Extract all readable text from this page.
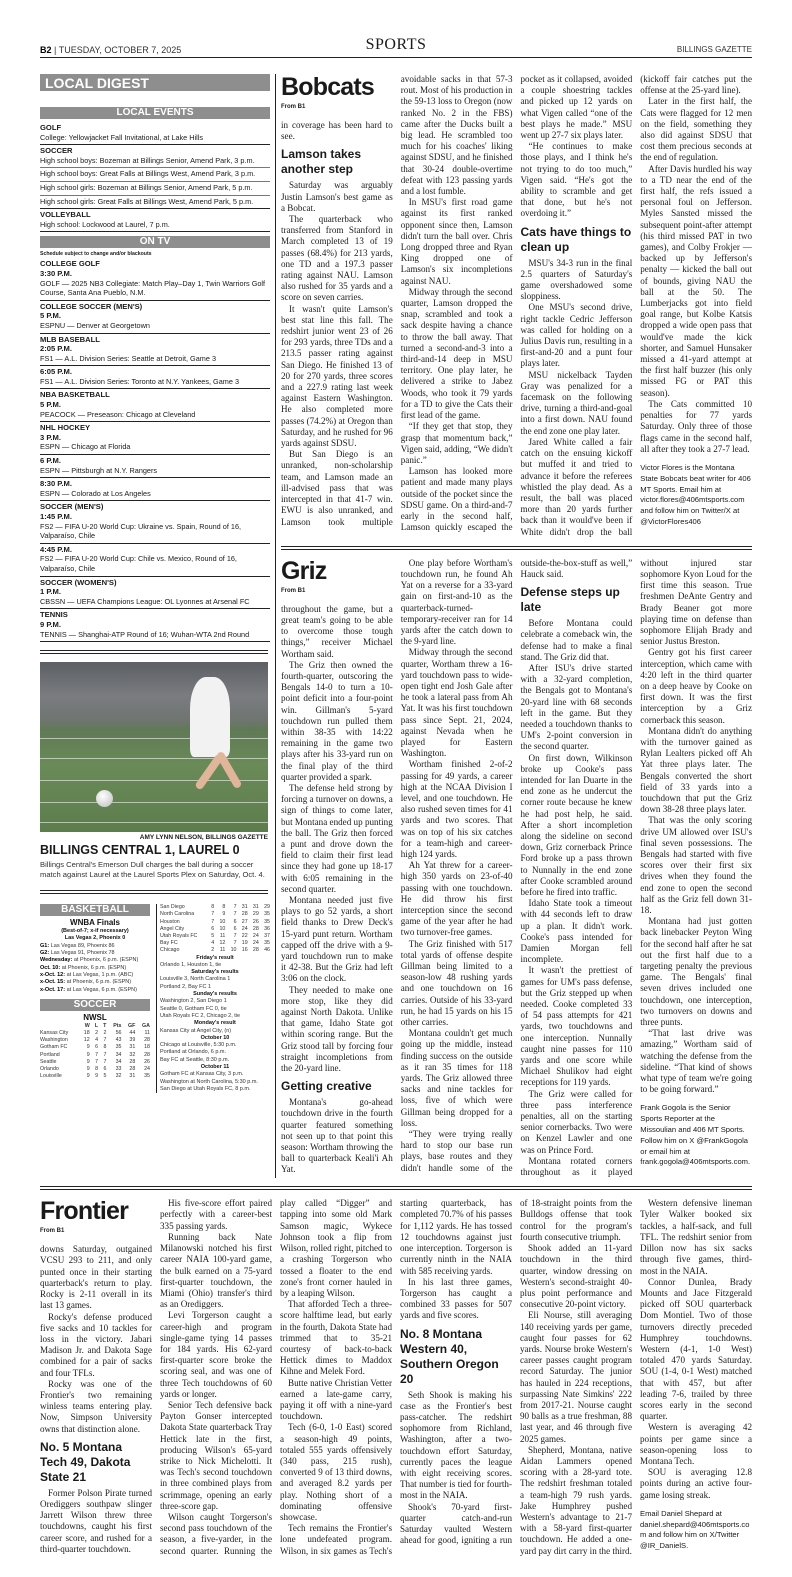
B2 | TUESDAY, OCTOBER 7, 2025	SPORTS	BILLINGS GAZETTE
LOCAL DIGEST
LOCAL EVENTS
GOLF
College: Yellowjacket Fall Invitational, at Lake Hills
SOCCER
High school boys: Bozeman at Billings Senior, Amend Park, 3 p.m.
High school boys: Great Falls at Billings West, Amend Park, 3 p.m.
High school girls: Bozeman at Billings Senior, Amend Park, 5 p.m.
High school girls: Great Falls at Billings West, Amend Park, 5 p.m.
VOLLEYBALL
High school: Lockwood at Laurel, 7 p.m.
ON TV
Schedule subject to change and/or blackouts
COLLEGE GOLF
3:30 P.M.
GOLF — 2025 NB3 Collegiate: Match Play–Day 1, Twin Warriors Golf Course, Santa Ana Pueblo, N.M.
COLLEGE SOCCER (MEN'S)
5 P.M.
ESPNU — Denver at Georgetown
MLB BASEBALL
2:05 P.M.
FS1 — A.L. Division Series: Seattle at Detroit, Game 3
6:05 P.M.
FS1 — A.L. Division Series: Toronto at N.Y. Yankees, Game 3
NBA BASKETBALL
5 P.M.
PEACOCK — Preseason: Chicago at Cleveland
NHL HOCKEY
3 P.M.
ESPN — Chicago at Florida
6 P.M.
ESPN — Pittsburgh at N.Y. Rangers
8:30 P.M.
ESPN — Colorado at Los Angeles
SOCCER (MEN'S)
1:45 P.M.
FS2 — FIFA U-20 World Cup: Ukraine vs. Spain, Round of 16, Valparaíso, Chile
4:45 P.M.
FS2 — FIFA U-20 World Cup: Chile vs. Mexico, Round of 16, Valparaíso, Chile
SOCCER (WOMEN'S)
1 P.M.
CBSSN — UEFA Champions League: OL Lyonnes at Arsenal FC
TENNIS
9 P.M.
TENNIS — Shanghai-ATP Round of 16; Wuhan-WTA 2nd Round
AMY LYNN NELSON, BILLINGS GAZETTE
BILLINGS CENTRAL 1, LAUREL 0

Billings Central's Emerson Dull charges the ball during a soccer match against Laurel at the Laurel Sports Plex on Saturday, Oct. 4.

BASKETBALL
WNBA Finals
(Best-of-7; x-if necessary)
Las Vegas 2, Phoenix 0
G1: Las Vegas 89, Phoenix 86
G2: Las Vegas 91, Phoenix 78
Wednesday: at Phoenix, 6 p.m. (ESPN)
Oct. 10: at Phoenix, 6 p.m. (ESPN)
x-Oct. 12: at Las Vegas, 1 p.m. (ABC)
x-Oct. 15: at Phoenix, 6 p.m. (ESPN)
x-Oct. 17: at Las Vegas, 6 p.m. (ESPN)
SOCCER
NWSL
	W	L	T	Pts	GF	GA
Kansas City	18	2	2	56	44	11
Washington	12	4	7	43	39	28
Gotham FC	9	6	8	35	31	18
Portland	9	7	7	34	32	28
Seattle	9	7	7	34	28	26
Orlando	9	8	6	33	28	24
Louisville	9	9	5	32	31	35
San Diego	8	8	7	31	31	29
North Carolina	7	9	7	28	29	35
Houston	7	10	6	27	26	35
Angel City	6	10	6	24	28	36
Utah Royals FC	5	11	7	22	24	37
Bay FC	4	12	7	19	24	35
Chicago	2	11	10	16	28	46
Friday's result
Orlando 1, Houston 1, tie
Saturday's results
Louisville 3, North Carolina 1
Portland 2, Bay FC 1
Sunday's results
Washington 2, San Diego 1
Seattle 0, Gotham FC 0, tie
Utah Royals FC 2, Chicago 2, tie
Monday's result
Kansas City at Angel City, (n)
October 10
Chicago at Louisville, 5:30 p.m.
Portland at Orlando, 6 p.m.
Bay FC at Seattle, 8:30 p.m.
October 11
Gotham FC at Kansas City, 3 p.m.
Washington at North Carolina, 5:30 p.m.
San Diego at Utah Royals FC, 8 p.m.
Bobcats
From B1

in coverage has been hard to see.

Lamson takes another step

Saturday was arguably Justin Lamson's best game as a Bobcat.

The quarterback who transferred from Stanford in March completed 13 of 19 passes (68.4%) for 213 yards, one TD and a 197.3 passer rating against NAU. Lamson also rushed for 35 yards and a score on seven carries.

It wasn't quite Lamson's best stat line this fall. The redshirt junior went 23 of 26 for 293 yards, three TDs and a 213.5 passer rating against San Diego. He finished 13 of 20 for 270 yards, three scores and a 227.9 rating last week against Eastern Washington. He also completed more passes (74.2%) at Oregon than Saturday, and he rushed for 96 yards against SDSU.

But San Diego is an unranked, non-scholarship team, and Lamson made an ill-advised pass that was intercepted in that 41-7 win. EWU is also unranked, and Lamson took multiple avoidable sacks in that 57-3 rout. Most of his production in the 59-13 loss to Oregon (now ranked No. 2 in the FBS) came after the Ducks built a big lead. He scrambled too much for his coaches' liking against SDSU, and he finished that 30-24 double-overtime defeat with 123 passing yards and a lost fumble.

In MSU's first road game against its first ranked opponent since then, Lamson didn't turn the ball over. Chris Long dropped three and Ryan King dropped one of Lamson's six incompletions against NAU.

Midway through the second quarter, Lamson dropped the snap, scrambled and took a sack despite having a chance to throw the ball away. That turned a second-and-3 into a third-and-14 deep in MSU territory. One play later, he delivered a strike to Jabez Woods, who took it 79 yards for a TD to give the Cats their first lead of the game.

“If they get that stop, they grasp that momentum back,” Vigen said, adding, “We didn't panic.”

Lamson has looked more patient and made many plays outside of the pocket since the SDSU game. On a third-and-7 early in the second half, Lamson quickly escaped the pocket as it collapsed, avoided a couple shoestring tackles and picked up 12 yards on what Vigen called “one of the best plays he made.” MSU went up 27-7 six plays later.

“He continues to make those plays, and I think he's not trying to do too much,” Vigen said. “He's got the ability to scramble and get that done, but he's not overdoing it.”

Cats have things to clean up

MSU's 34-3 run in the final 2.5 quarters of Saturday's game overshadowed some sloppiness.

One MSU's second drive, right tackle Cedric Jefferson was called for holding on a Julius Davis run, resulting in a first-and-20 and a punt four plays later.

MSU nickelback Tayden Gray was penalized for a facemask on the following drive, turning a third-and-goal into a first down. NAU found the end zone one play later.

Jared White called a fair catch on the ensuing kickoff but muffed it and tried to advance it before the referees whistled the play dead. As a result, the ball was placed more than 20 yards further back than it would've been if White didn't drop the ball (kickoff fair catches put the offense at the 25-yard line).

Later in the first half, the Cats were flagged for 12 men on the field, something they also did against SDSU that cost them precious seconds at the end of regulation.

After Davis hurdled his way to a TD near the end of the first half, the refs issued a personal foul on Jefferson. Myles Sansted missed the subsequent point-after attempt (his third missed PAT in two games), and Colby Frokjer — backed up by Jefferson's penalty — kicked the ball out of bounds, giving NAU the ball at the 50. The Lumberjacks got into field goal range, but Kolbe Katsis dropped a wide open pass that would've made the kick shorter, and Samuel Hunsaker missed a 41-yard attempt at the first half buzzer (his only missed FG or PAT this season).

The Cats committed 10 penalties for 77 yards Saturday. Only three of those flags came in the second half, all after they took a 27-7 lead.

Victor Flores is the Montana State Bobcats beat writer for 406 MT Sports. Email him at victor.flores@406mtsports.com and follow him on Twitter/X at @VictorFlores406

Griz
From B1

throughout the game, but a great team's going to be able to overcome those tough things,” receiver Michael Wortham said.

The Griz then owned the fourth-quarter, outscoring the Bengals 14-0 to turn a 10-point deficit into a four-point win. Gillman's 5-yard touchdown run pulled them within 38-35 with 14:22 remaining in the game two plays after his 33-yard run on the final play of the third quarter provided a spark.

The defense held strong by forcing a turnover on downs, a sign of things to come later, but Montana ended up punting the ball. The Griz then forced a punt and drove down the field to claim their first lead since they had gone up 18-17 with 6:05 remaining in the second quarter.

Montana needed just five plays to go 52 yards, a short field thanks to Drew Deck's 15-yard punt return. Wortham capped off the drive with a 9-yard touchdown run to make it 42-38. But the Griz had left 3:06 on the clock.

They needed to make one more stop, like they did against North Dakota. Unlike that game, Idaho State got within scoring range. But the Griz stood tall by forcing four straight incompletions from the 20-yard line.

Getting creative

Montana's go-ahead touchdown drive in the fourth quarter featured something not seen up to that point this season: Wortham throwing the ball to quarterback Keali'i Ah Yat.

One play before Wortham's touchdown run, he found Ah Yat on a reverse for a 33-yard gain on first-and-10 as the quarterback-turned-temporary-receiver ran for 14 yards after the catch down to the 9-yard line.

Midway through the second quarter, Wortham threw a 16-yard touchdown pass to wide-open tight end Josh Gale after he took a lateral pass from Ah Yat. It was his first touchdown pass since Sept. 21, 2024, against Nevada when he played for Eastern Washington.

Wortham finished 2-of-2 passing for 49 yards, a career high at the NCAA Division I level, and one touchdown. He also rushed seven times for 41 yards and two scores. That was on top of his six catches for a team-high and career-high 124 yards.

Ah Yat threw for a career-high 350 yards on 23-of-40 passing with one touchdown. He did throw his first interception since the second game of the year after he had two turnover-free games.

The Griz finished with 517 total yards of offense despite Gillman being limited to a season-low 48 rushing yards and one touchdown on 16 carries. Outside of his 33-yard run, he had 15 yards on his 15 other carries.

Montana couldn't get much going up the middle, instead finding success on the outside as it ran 35 times for 118 yards. The Griz allowed three sacks and nine tackles for loss, five of which were Gillman being dropped for a loss.

“They were trying really hard to stop our base run plays, base routes and they didn't handle some of the outside-the-box-stuff as well,” Hauck said.

Defense steps up late

Before Montana could celebrate a comeback win, the defense had to make a final stand. The Griz did that.

After ISU's drive started with a 32-yard completion, the Bengals got to Montana's 20-yard line with 68 seconds left in the game. But they needed a touchdown thanks to UM's 2-point conversion in the second quarter.

On first down, Wilkinson broke up Cooke's pass intended for Ian Duarte in the end zone as he undercut the corner route because he knew he had post help, he said. After a short incompletion along the sideline on second down, Griz cornerback Prince Ford broke up a pass thrown to Nunnally in the end zone after Cooke scrambled around before he fired into traffic.

Idaho State took a timeout with 44 seconds left to draw up a plan. It didn't work. Cooke's pass intended for Damien Morgan fell incomplete.

It wasn't the prettiest of games for UM's pass defense, but the Griz stepped up when needed. Cooke completed 33 of 54 pass attempts for 421 yards, two touchdowns and one interception. Nunnally caught nine passes for 110 yards and one score while Michael Shulikov had eight receptions for 119 yards.

The Griz were called for three pass interference penalties, all on the starting senior cornerbacks. Two were on Kenzel Lawler and one was on Prince Ford.

Montana rotated corners throughout as it played without injured star sophomore Kyon Loud for the first time this season. True freshmen DeAnte Gentry and Brady Beaner got more playing time on defense than sophomore Elijah Brady and senior Justus Breston.

Gentry got his first career interception, which came with 4:20 left in the third quarter on a deep heave by Cooke on first down. It was the first interception by a Griz cornerback this season.

Montana didn't do anything with the turnover gained as Rylan Lealters picked off Ah Yat three plays later. The Bengals converted the short field of 33 yards into a touchdown that put the Griz down 38-28 three plays later.

That was the only scoring drive UM allowed over ISU's final seven possessions. The Bengals had started with five scores over their first six drives when they found the end zone to open the second half as the Griz fell down 31-18.

Montana had just gotten back linebacker Peyton Wing for the second half after he sat out the first half due to a targeting penalty the previous game. The Bengals' final seven drives included one touchdown, one interception, two turnovers on downs and three punts.

“That last drive was amazing,” Wortham said of watching the defense from the sideline. “That kind of shows what type of team we're going to be going forward.”

Frank Gogola is the Senior Sports Reporter at the Missoulian and 406 MT Sports. Follow him on X @FrankGogola or email him at frank.gogola@406mtsports.com.

Frontier
From B1

downs Saturday, outgained VCSU 293 to 211, and only punted once in their starting quarterback's return to play. Rocky is 2-11 overall in its last 13 games.

Rocky's defense produced five sacks and 10 tackles for loss in the victory. Jabari Madison Jr. and Dakota Sage combined for a pair of sacks and four TFLs.

Rocky was one of the Frontier's two remaining winless teams entering play. Now, Simpson University owns that distinction alone.

No. 5 Montana Tech 49, Dakota State 21

Former Polson Pirate turned Orediggers southpaw slinger Jarrett Wilson threw three touchdowns, caught his first career score, and rushed for a third-quarter touchdown.

His five-score effort paired perfectly with a career-best 335 passing yards.

Running back Nate Milanowski notched his first career NAIA 100-yard game, the bulk earned on a 75-yard first-quarter touchdown, the Miami (Ohio) transfer's third as an Orediggers.

Levi Torgerson caught a career-high and program single-game tying 14 passes for 184 yards. His 62-yard first-quarter score broke the scoring seal, and was one of three Tech touchdowns of 60 yards or longer.

Senior Tech defensive back Payton Gonser intercepted Dakota State quarterback Tray Hettick late in the first, producing Wilson's 65-yard strike to Nick Michelotti. It was Tech's second touchdown in three combined plays from scrimmage, opening an early three-score gap.

Wilson caught Torgerson's second pass touchdown of the season, a five-yarder, in the second quarter. Running the play called “Digger” and tapping into some old Mark Samson magic, Wykece Johnson took a flip from Wilson, rolled right, pitched to a crashing Torgerson who tossed a floater to the end zone's front corner hauled in by a leaping Wilson.

That afforded Tech a three-score halftime lead, but early in the fourth, Dakota State had trimmed that to 35-21 courtesy of back-to-back Hettick dimes to Maddox Kihne and Melek Ford.

Butte native Christian Vetter earned a late-game carry, paying it off with a nine-yard touchdown.

Tech (6-0, 1-0 East) scored a season-high 49 points, totaled 555 yards offensively (340 pass, 215 rush), converted 9 of 13 third downs, and averaged 8.2 yards per play. Nothing short of a dominating offensive showcase.

Tech remains the Frontier's lone undefeated program. Wilson, in six games as Tech's starting quarterback, has completed 70.7% of his passes for 1,112 yards. He has tossed 12 touchdowns against just one interception. Torgerson is currently ninth in the NAIA with 585 receiving yards.

In his last three games, Torgerson has caught a combined 33 passes for 507 yards and five scores.

No. 8 Montana Western 40, Southern Oregon 20

Seth Shook is making his case as the Frontier's best pass-catcher. The redshirt sophomore from Richland, Washington, after a two-touchdown effort Saturday, currently paces the league with eight receiving scores. That number is tied for fourth-most in the NAIA.

Shook's 70-yard first-quarter catch-and-run Saturday vaulted Western ahead for good, igniting a run of 18-straight points from the Bulldogs offense that took control for the program's fourth consecutive triumph.

Shook added an 11-yard touchdown in the third quarter, window dressing on Western's second-straight 40-plus point performance and consecutive 20-point victory.

Eli Nourse, still averaging 140 receiving yards per game, caught four passes for 62 yards. Nourse broke Western's career passes caught program record Saturday. The junior has hauled in 224 receptions, surpassing Nate Simkins' 222 from 2017-21. Nourse caught 90 balls as a true freshman, 88 last year, and 46 through five 2025 games.

Shepherd, Montana, native Aidan Lammers opened scoring with a 28-yard tote. The redshirt freshman totaled a team-high 79 rush yards. Jake Humphrey pushed Western's advantage to 21-7 with a 58-yard first-quarter touchdown. He added a one-yard pay dirt carry in the third.

Western defensive lineman Tyler Walker booked six tackles, a half-sack, and full TFL. The redshirt senior from Dillon now has six sacks through five games, third-most in the NAIA.

Connor Dunlea, Brady Mounts and Jace Fitzgerald picked off SOU quarterback Dom Montiel. Two of those turnovers directly preceded Humphrey touchdowns. Western (4-1, 1-0 West) totaled 470 yards Saturday. SOU (1-4, 0-1 West) matched that with 457, but after leading 7-6, trailed by three scores early in the second quarter.

Western is averaging 42 points per game since a season-opening loss to Montana Tech.

SOU is averaging 12.8 points during an active four-game losing streak.

Email Daniel Shepard at daniel.shepard@406mtsports.com and follow him on X/Twitter @IR_DanielS.
